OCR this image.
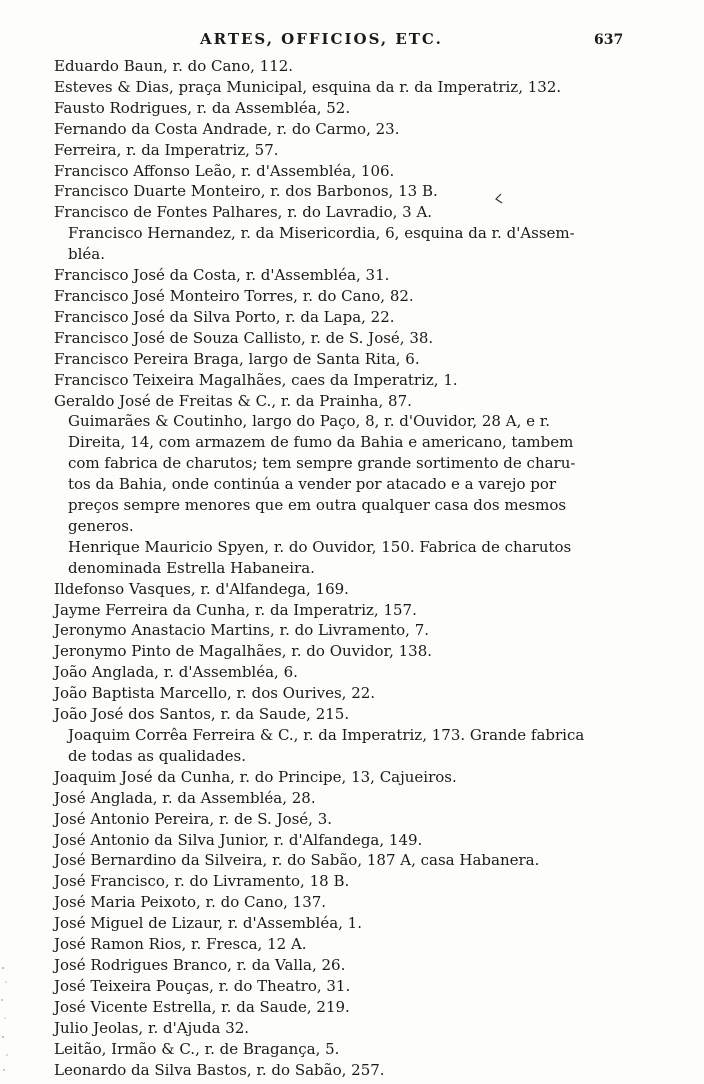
ARTES, OFFICIOS, ETC.	637
Eduardo Baun, r. do Cano, 112.
Esteves & Dias, praça Municipal, esquina da r. da Imperatriz, 132.
Fausto Rodrigues, r. da Assembléa, 52.
Fernando da Costa Andrade, r. do Carmo, 23.
Ferreira, r. da Imperatriz, 57.
Francisco Affonso Leão, r. d'Assembléa, 106.
Francisco Duarte Monteiro, r. dos Barbonos, 13 B.
Francisco de Fontes Palhares, r. do Lavradio, 3 A.
Francisco Hernandez, r. da Misericordia, 6, esquina da r. d'Assem-
bléa.
Francisco José da Costa, r. d'Assembléa, 31.
Francisco José Monteiro Torres, r. do Cano, 82.
Francisco José da Silva Porto, r. da Lapa, 22.
Francisco José de Souza Callisto, r. de S. José, 38.
Francisco Pereira Braga, largo de Santa Rita, 6.
Francisco Teixeira Magalhães, caes da Imperatriz, 1.
Geraldo José de Freitas & C., r. da Prainha, 87.
Guimarães & Coutinho, largo do Paço, 8, r. d'Ouvidor, 28 A, e r.
Direita, 14, com armazem de fumo da Bahia e americano, tambem
com fabrica de charutos; tem sempre grande sortimento de charu-
tos da Bahia, onde continúa a vender por atacado e a varejo por
preços sempre menores que em outra qualquer casa dos mesmos
generos.
Henrique Mauricio Spyen, r. do Ouvidor, 150. Fabrica de charutos
denominada Estrella Habaneira.
Ildefonso Vasques, r. d'Alfandega, 169.
Jayme Ferreira da Cunha, r. da Imperatriz, 157.
Jeronymo Anastacio Martins, r. do Livramento, 7.
Jeronymo Pinto de Magalhães, r. do Ouvidor, 138.
João Anglada, r. d'Assembléa, 6.
João Baptista Marcello, r. dos Ourives, 22.
João José dos Santos, r. da Saude, 215.
Joaquim Corrêa Ferreira & C., r. da Imperatriz, 173. Grande fabrica
de todas as qualidades.
Joaquim José da Cunha, r. do Principe, 13, Cajueiros.
José Anglada, r. da Assembléa, 28.
José Antonio Pereira, r. de S. José, 3.
José Antonio da Silva Junior, r. d'Alfandega, 149.
José Bernardino da Silveira, r. do Sabão, 187 A, casa Habanera.
José Francisco, r. do Livramento, 18 B.
José Maria Peixoto, r. do Cano, 137.
José Miguel de Lizaur, r. d'Assembléa, 1.
José Ramon Rios, r. Fresca, 12 A.
José Rodrigues Branco, r. da Valla, 26.
José Teixeira Pouças, r. do Theatro, 31.
José Vicente Estrella, r. da Saude, 219.
Julio Jeolas, r. d'Ajuda 32.
Leitão, Irmão & C., r. de Bragança, 5.
Leonardo da Silva Bastos, r. do Sabão, 257.
